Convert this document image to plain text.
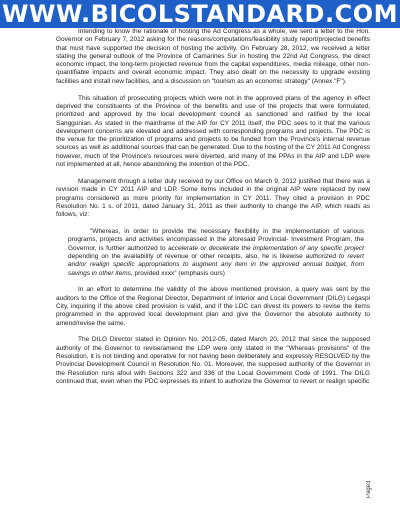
WWW.BICOLSTANDARD.COM

Intending to know the rationale of hosting the Ad Congress as a whole, we sent a letter to the Hon. Governor on February 7, 2012 asking for the reasons/computations/feasibility study report/projected benefits that must have supported the decision of hosting the activity. On February 28, 2012, we received a letter stating the general outlook of the Province of Camarines Sur in hosting the 22nd Ad Congress, the direct economic impact, the long-term projected revenue from the capital expenditures, media mileage, other non-quantifiable impacts and overall economic impact. They also dealt on the necessity to upgrade existing facilities and install new facilities, and a discussion on "tourism as an economic strategy" (Annex "F").

This situation of prosecuting projects which were not in the approved plans of the agency in effect deprived the constituents of the Province of the benefits and use of the projects that were formulated, prioritized and approved by the local development council as sanctioned and ratified by the local Sanggunian. As stated in the mainframe of the AIP for CY 2011 itself, the PDC sees to it that the various development concerns are elevated and addressed with corresponding programs and projects. The PDC is the venue for the prioritization of programs and projects to be funded from the Province's internal revenue sources as well as additional sources that can be generated. Due to the hosting of the CY 2011 Ad Congress however, much of the Province's resources were diverted, and many of the PPAs in the AIP and LDP were not implemented at all, hence abandoning the intention of the PDC.

Management through a letter duly received by our Office on March 9, 2012 justified that there was a revision made in CY 2011 AIP and LDP. Some items included in the original AIP were replaced by new programs considered as more priority for implementation in CY 2011. They cited a provision in PDC Resolution No. 1 s. of 2011, dated January 31, 2011 as their authority to change the AIP, which reads as follows, viz:

"Whereas, in order to provide the necessary flexibility in the implementation of various programs, projects and activities encompassed in the aforesaid Provincial- Investment Program, the Governor, is further authorized to accelerate or decelerate the implementation of any specific project depending on the availability of revenue or other receipts, also, he is likewise authorized to revert and/or realign specific appropriations to augment any item in the approved annual budget, from savings in other items, provided xxxx" (emphasis ours)

In an effort to determine the validity of the above mentioned provision, a query was sent by the auditors to the Office of the Regional Director, Department of Interior and Local Government (DILG) Legaspi City, inquiring if the above cited provision is valid, and if the LDC can divest its powers to revise the items programmed in the approved local development plan and give the Governor the absolute authority to amend/revise the same.

The DILG Director stated in Opinion No. 2012-05, dated March 20, 2012 that since the supposed authority of the Governor to revise/amend the LDP were only stated in the "Whereas provisions" of the Resolution, it is not binding and operative for not having been deliberately and expressly RESOLVED by the Provincial Development Council in Resolution No. 01. Moreover, the supposed authority of the Governor in the Resolution runs afoul with Sections 322 and 336 of the Local Government Code of 1991. The DILG continued that, even when the PDC expresses its intent to authorize the Governor to revert or realign specific

Page3
